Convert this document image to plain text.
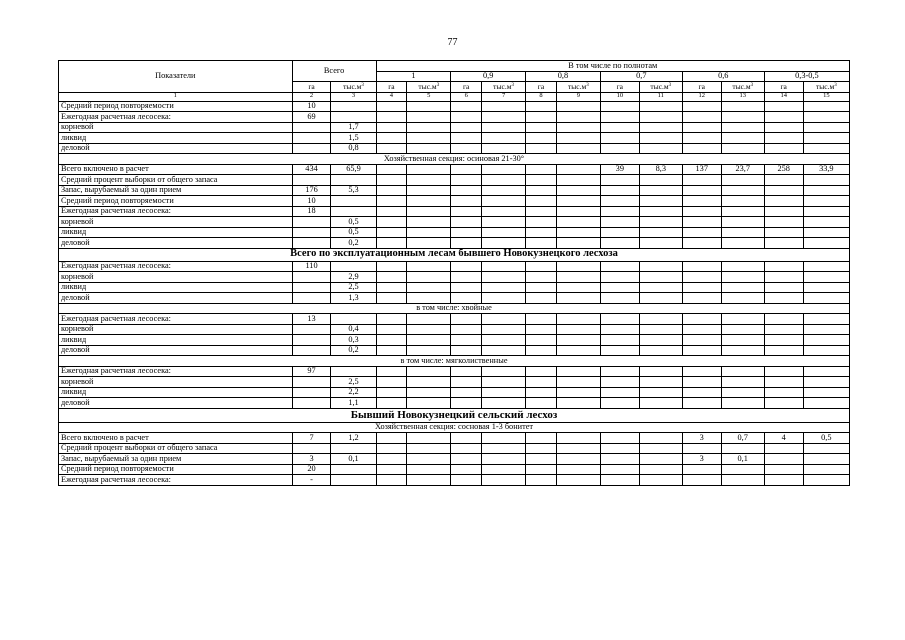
77
Показатели	Всего		В том числе по полнотам											
			1		0,9		0,8		0,7		0,6		0,3-0,5	
	га	$тыс.м^3$	га	$тыс.м^3$	га	$тыс.м^3$	га	$тыс.м^3$	га	$тыс.м^3$	га	$тыс.м^3$	га	$тыс.м^3$
1	2	3	4	5	6	7	8	9	10	11	12	13	14	15
Средний период повторяемости	10													
Ежегодная расчетная лесосека:	69													
корневой		1,7												
ликвид		1,5												
деловой		0,8												
Хозяйственная секция: осиновая 21-30°														
Всего включено в расчет	434	65,9							39	8,3	137	23,7	258	33,9
Средний процент выборки от общего запаса														
Запас, вырубаемый за один прием	176	5,3												
Средний период повторяемости	10													
Ежегодная расчетная лесосека:	18													
корневой		0,5												
ликвид		0,5												
деловой		0,2												
Всего по эксплуатационным лесам бывшего Новокузнецкого лесхоза														
Ежегодная расчетная лесосека:	110													
корневой		2,9												
ликвид		2,5												
деловой		1,3												
в том числе: хвойные														
Ежегодная расчетная лесосека:	13													
корневой		0,4												
ликвид		0,3												
деловой		0,2												
в том числе: мягколиственные														
Ежегодная расчетная лесосека:	97													
корневой		2,5												
ликвид		2,2												
деловой		1,1												
Бывший Новокузнецкий сельский лесхоз														
Хозяйственная секция: сосновая 1-3 бонитет														
Всего включено в расчет	7	1,2									3	0,7	4	0,5
Средний процент выборки от общего запаса														
Запас, вырубаемый за один прием	3	0,1									3	0,1		
Средний период повторяемости	20													
Ежегодная расчетная лесосека:	-													
